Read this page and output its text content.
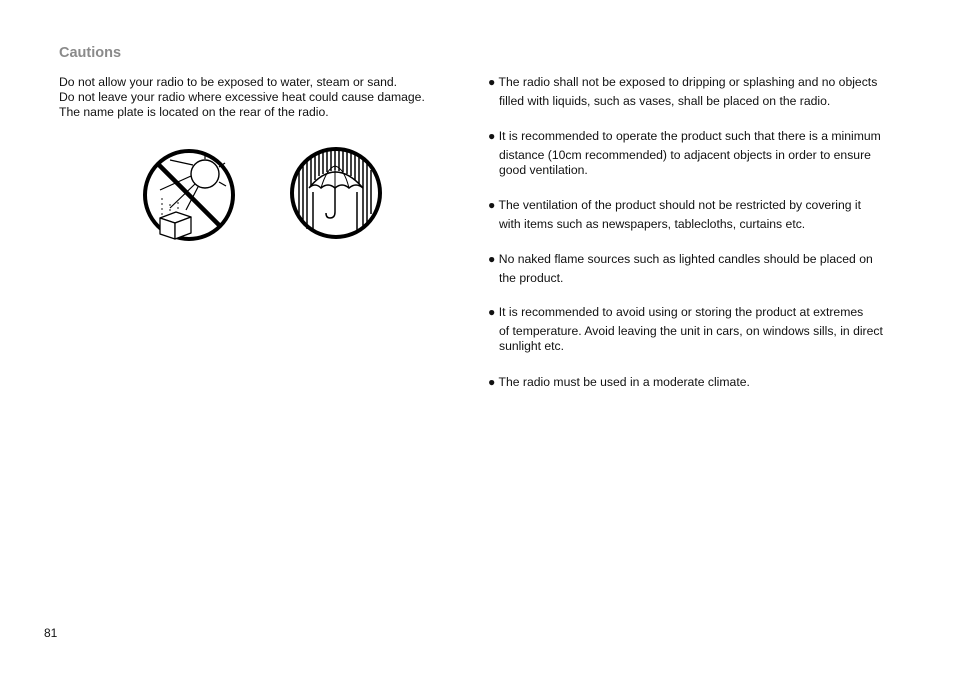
Cautions
Do not allow your radio to be exposed to water, steam or sand.
Do not leave your radio where excessive heat could cause damage.
The name plate is located on the rear of the radio.
● The radio shall not be exposed to dripping or splashing and no objects
filled with liquids, such as vases, shall be placed on the radio.
● It is recommended to operate the product such that there is a minimum
distance (10cm recommended) to adjacent objects in order to ensure
good ventilation.
● The ventilation of the product should not be restricted by covering it
with items such as newspapers, tablecloths, curtains etc.
● No naked flame sources such as lighted candles should be placed on
the product.
● It is recommended to avoid using or storing the product at extremes
of temperature. Avoid leaving the unit in cars, on windows sills, in direct
sunlight etc.
● The radio must be used in a moderate climate.
81
